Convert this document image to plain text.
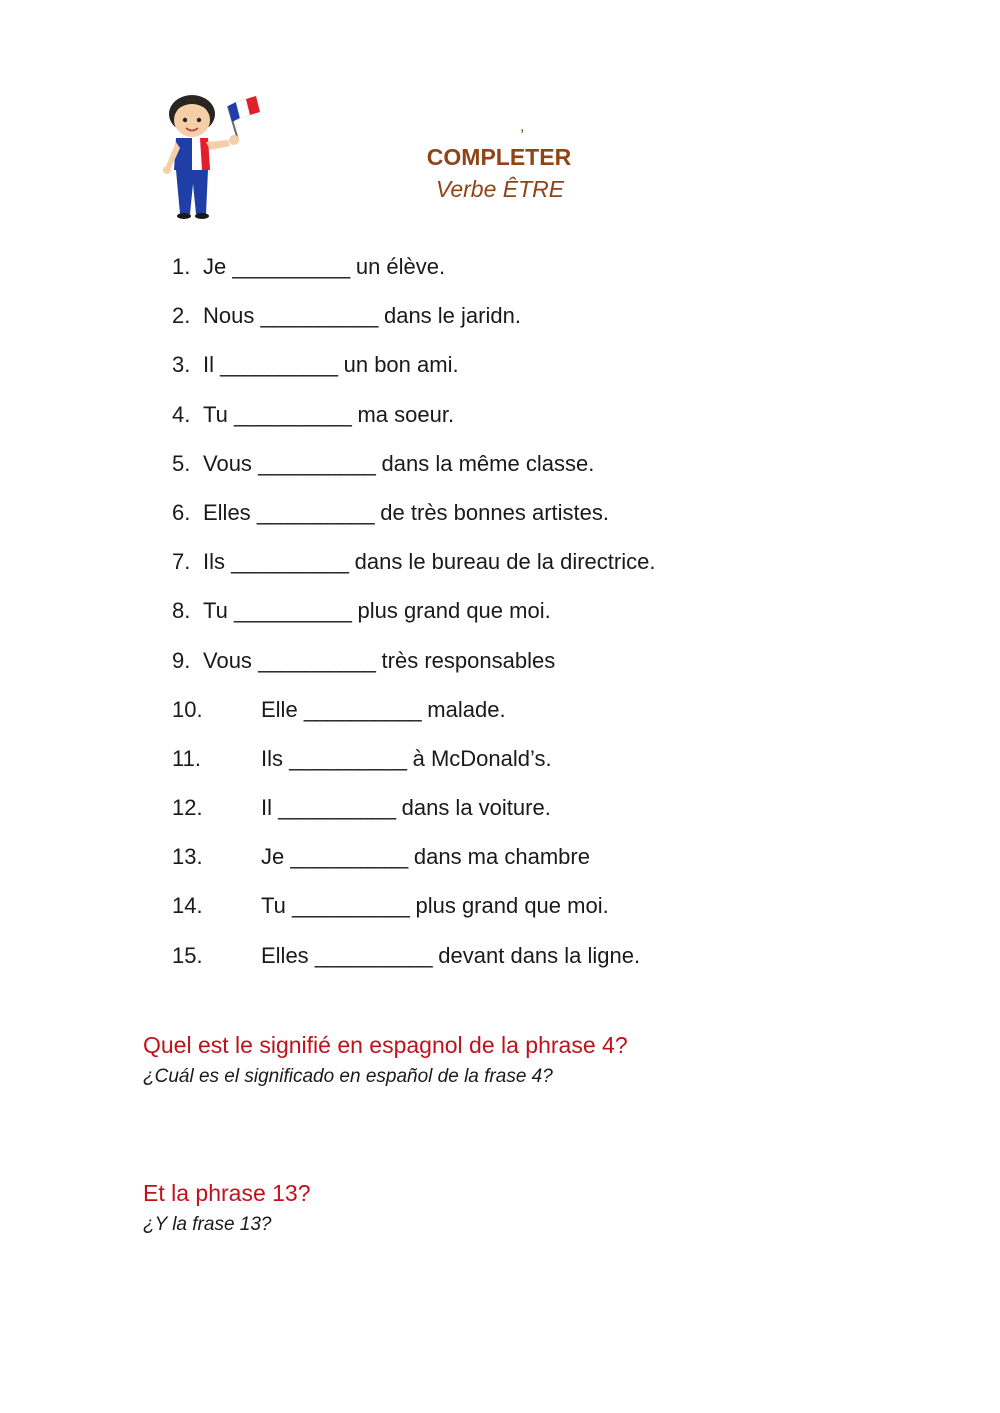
,
COMPLETER
Verbe ÊTRE
1. Je __________ un élève.
2. Nous __________ dans le jaridn.
3. Il __________ un bon ami.
4. Tu __________ ma soeur.
5. Vous __________ dans la même classe.
6. Elles __________ de très bonnes artistes.
7. Ils __________ dans le bureau de la directrice.
8. Tu __________ plus grand que moi.
9. Vous __________ très responsables
10.	Elle __________ malade.
11.	Ils __________ à McDonald’s.
12.	Il __________ dans la voiture.
13.	Je __________ dans ma chambre
14.	Tu __________ plus grand que moi.
15.	Elles __________ devant dans la ligne.
Quel est le signifié en espagnol de la phrase 4?
¿Cuál es el significado en español de la frase 4?
Et la phrase 13?
¿Y la frase 13?
